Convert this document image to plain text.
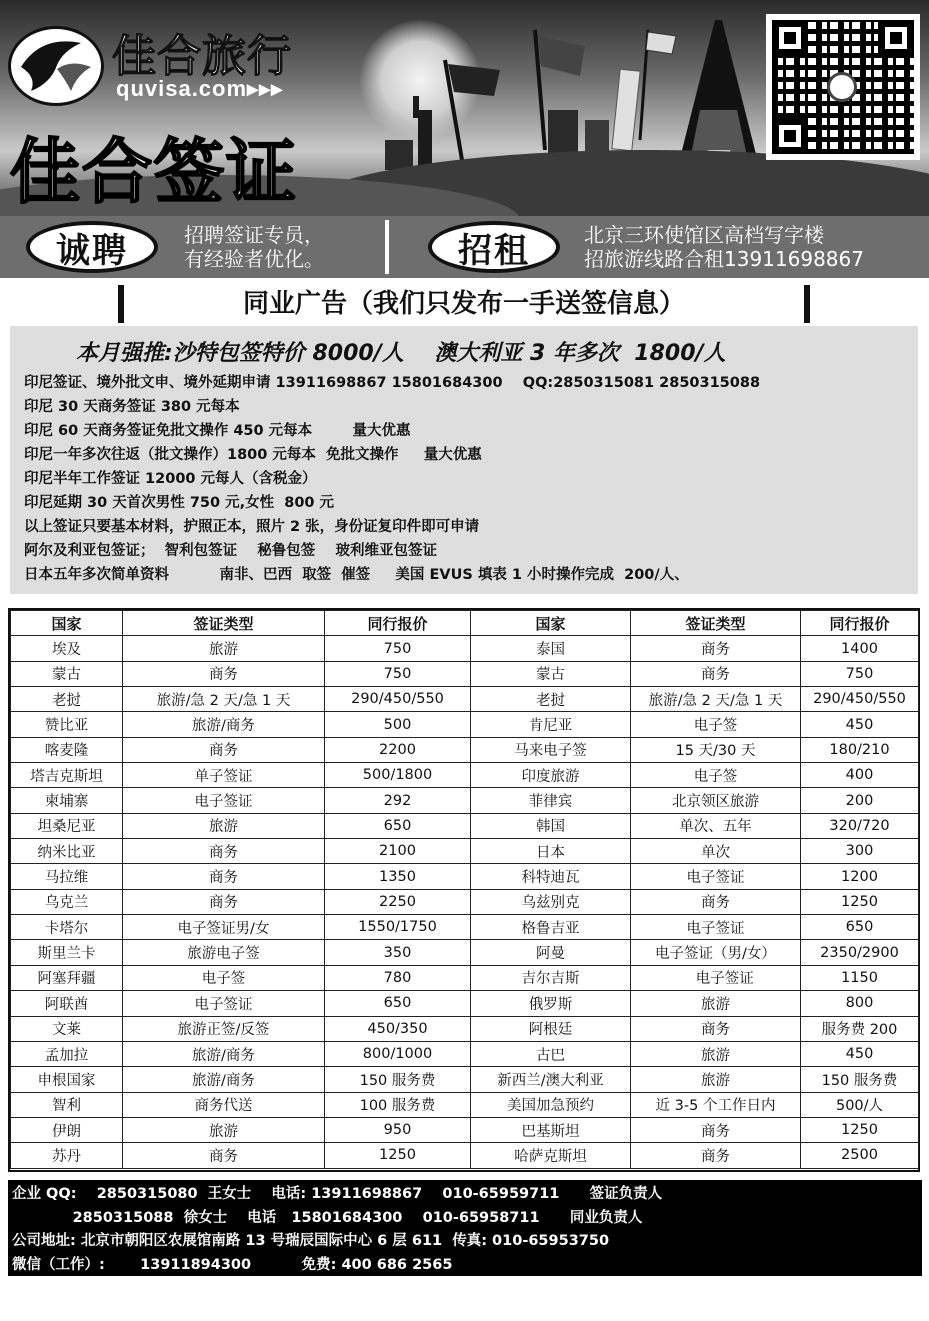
佳合旅行
quvisa.com▸▸▸
佳合签证
诚聘	招聘签证专员，
有经验者优化。	招租	北京三环使馆区高档写字楼
招旅游线路合租13911698867
同业广告（我们只发布一手送签信息）
本月强推:沙特包签特价 8000/人    澳大利亚 3 年多次  1800/人
印尼签证、境外批文申、境外延期申请 13911698867 15801684300    QQ:2850315081 2850315088
印尼 30 天商务签证 380 元每本
印尼 60 天商务签证免批文操作 450 元每本        量大优惠
印尼一年多次往返（批文操作）1800 元每本  免批文操作     量大优惠
印尼半年工作签证 12000 元每人（含税金）
印尼延期 30 天首次男性 750 元,女性  800 元
以上签证只要基本材料，护照正本，照片 2 张，身份证复印件即可申请
阿尔及利亚包签证；  智利包签证    秘鲁包签    玻利维亚包签证
日本五年多次简单资料          南非、巴西  取签  催签     美国 EVUS 填表 1 小时操作完成  200/人、
国家	签证类型	同行报价	国家	签证类型	同行报价
埃及	旅游	750	泰国	商务	1400
蒙古	商务	750	蒙古	商务	750
老挝	旅游/急 2 天/急 1 天	290/450/550	老挝	旅游/急 2 天/急 1 天	290/450/550
赞比亚	旅游/商务	500	肯尼亚	电子签	450
喀麦隆	商务	2200	马来电子签	15 天/30 天	180/210
塔吉克斯坦	单子签证	500/1800	印度旅游	电子签	400
柬埔寨	电子签证	292	菲律宾	北京领区旅游	200
坦桑尼亚	旅游	650	韩国	单次、五年	320/720
纳米比亚	商务	2100	日本	单次	300
马拉维	商务	1350	科特迪瓦	电子签证	1200
乌克兰	商务	2250	乌兹别克	商务	1250
卡塔尔	电子签证男/女	1550/1750	格鲁吉亚	电子签证	650
斯里兰卡	旅游电子签	350	阿曼	电子签证（男/女）	2350/2900
阿塞拜疆	电子签	780	吉尔吉斯	电子签证	1150
阿联酋	电子签证	650	俄罗斯	旅游	800
文莱	旅游正签/反签	450/350	阿根廷	商务	服务费 200
孟加拉	旅游/商务	800/1000	古巴	旅游	450
申根国家	旅游/商务	150 服务费	新西兰/澳大利亚	旅游	150 服务费
智利	商务代送	100 服务费	美国加急预约	近 3-5 个工作日内	500/人
伊朗	旅游	950	巴基斯坦	商务	1250
苏丹	商务	1250	哈萨克斯坦	商务	2500
企业 QQ:    2850315080  王女士    电话: 13911698867    010-65959711      签证负责人
2850315088  徐女士    电话   15801684300    010-65958711      同业负责人
公司地址: 北京市朝阳区农展馆南路 13 号瑞辰国际中心 6 层 611  传真: 010-65953750
微信（工作）:       13911894300          免费: 400 686 2565
